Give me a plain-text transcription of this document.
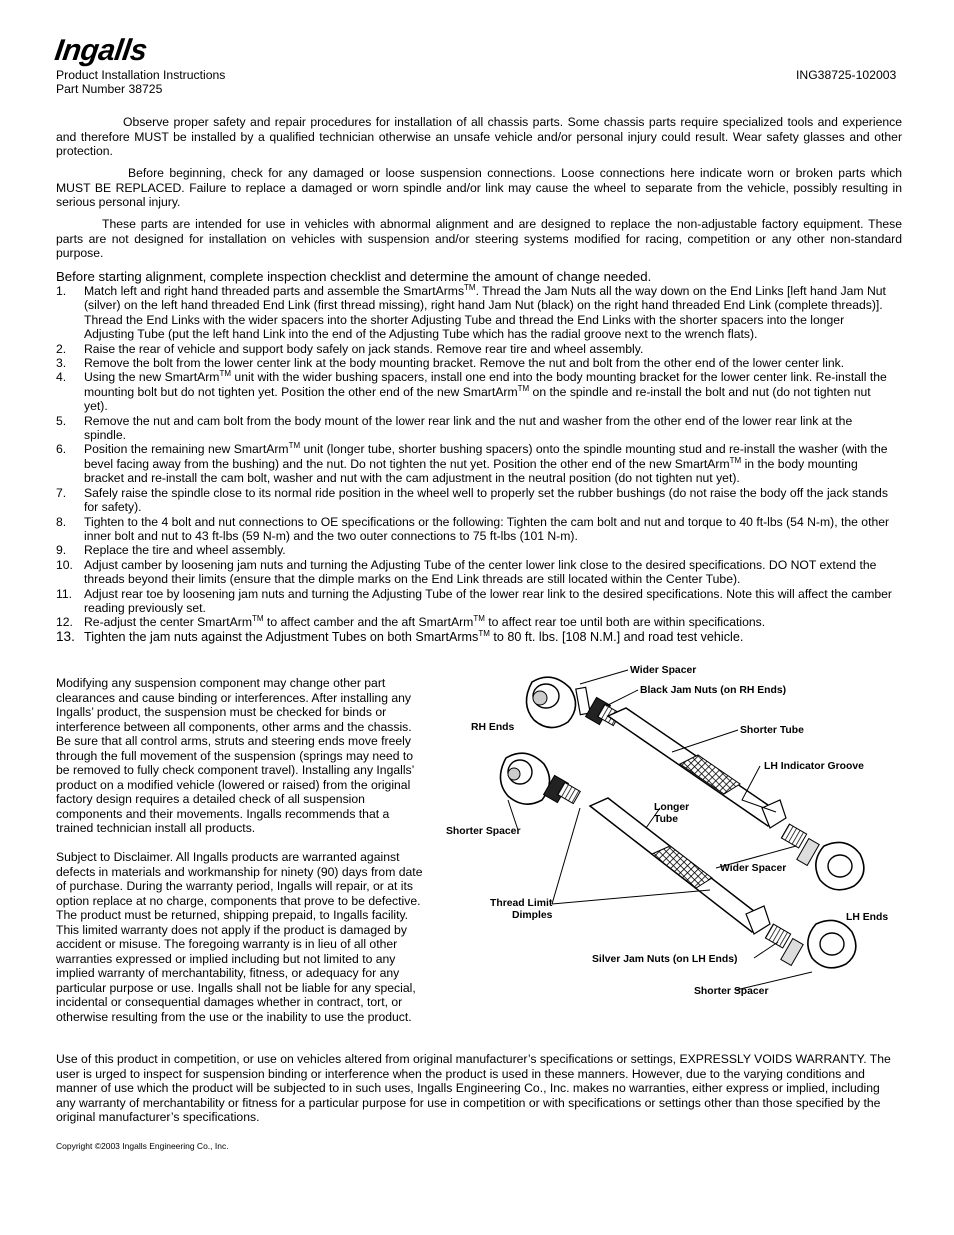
Ingalls
Product Installation Instructions
Part Number 38725
ING38725-102003
Observe proper safety and repair procedures for installation of all chassis parts. Some chassis parts require specialized tools and experience and therefore MUST be installed by a qualified technician otherwise an unsafe vehicle and/or personal injury could result. Wear safety glasses and other protection.
Before beginning, check for any damaged or loose suspension connections. Loose connections here indicate worn or broken parts which MUST BE REPLACED. Failure to replace a damaged or worn spindle and/or link may cause the wheel to separate from the vehicle, possibly resulting in serious personal injury.
These parts are intended for use in vehicles with abnormal alignment and are designed to replace the non-adjustable factory equipment. These parts are not designed for installation on vehicles with suspension and/or steering systems modified for racing, competition or any other non-standard purpose.
Before starting alignment, complete inspection checklist and determine the amount of change needed.
1. Match left and right hand threaded parts and assemble the SmartArms™. Thread the Jam Nuts all the way down on the End Links [left hand Jam Nut (silver) on the left hand threaded End Link (first thread missing), right hand Jam Nut (black) on the right hand threaded End Link (complete threads)]. Thread the End Links with the wider spacers into the shorter Adjusting Tube and thread the End Links with the shorter spacers into the longer Adjusting Tube (put the left hand Link into the end of the Adjusting Tube which has the radial groove next to the wrench flats).
2. Raise the rear of vehicle and support body safely on jack stands. Remove rear tire and wheel assembly.
3. Remove the bolt from the lower center link at the body mounting bracket. Remove the nut and bolt from the other end of the lower center link.
4. Using the new SmartArm™ unit with the wider bushing spacers, install one end into the body mounting bracket for the lower center link. Re-install the mounting bolt but do not tighten yet. Position the other end of the new SmartArm™ on the spindle and re-install the bolt and nut (do not tighten nut yet).
5. Remove the nut and cam bolt from the body mount of the lower rear link and the nut and washer from the other end of the lower rear link at the spindle.
6. Position the remaining new SmartArm™ unit (longer tube, shorter bushing spacers) onto the spindle mounting stud and re-install the washer (with the bevel facing away from the bushing) and the nut. Do not tighten the nut yet. Position the other end of the new SmartArm™ in the body mounting bracket and re-install the cam bolt, washer and nut with the cam adjustment in the neutral position (do not tighten nut yet).
7. Safely raise the spindle close to its normal ride position in the wheel well to properly set the rubber bushings (do not raise the body off the jack stands for safety).
8. Tighten to the 4 bolt and nut connections to OE specifications or the following: Tighten the cam bolt and nut and torque to 40 ft-lbs (54 N-m), the other inner bolt and nut to 43 ft-lbs (59 N-m) and the two outer connections to 75 ft-lbs (101 N-m).
9. Replace the tire and wheel assembly.
10. Adjust camber by loosening jam nuts and turning the Adjusting Tube of the center lower link close to the desired specifications. DO NOT extend the threads beyond their limits (ensure that the dimple marks on the End Link threads are still located within the Center Tube).
11. Adjust rear toe by loosening jam nuts and turning the Adjusting Tube of the lower rear link to the desired specifications. Note this will affect the camber reading previously set.
12. Re-adjust the center SmartArm™ to affect camber and the aft SmartArm™ to affect rear toe until both are within specifications.
13. Tighten the jam nuts against the Adjustment Tubes on both SmartArms™ to 80 ft. lbs. [108 N.M.] and road test vehicle.
Modifying any suspension component may change other part clearances and cause binding or interferences. After installing any Ingalls’ product, the suspension must be checked for binds or interference between all components, other arms and the chassis. Be sure that all control arms, struts and steering ends move freely through the full movement of the suspension (springs may need to be removed to fully check component travel). Installing any Ingalls’ product on a modified vehicle (lowered or raised) from the original factory design requires a detailed check of all suspension components and their movements. Ingalls recommends that a trained technician install all products.
Subject to Disclaimer. All Ingalls products are warranted against defects in materials and workmanship for ninety (90) days from date of purchase. During the warranty period, Ingalls will repair, or at its option replace at no charge, components that prove to be defective. The product must be returned, shipping prepaid, to Ingalls facility. This limited warranty does not apply if the product is damaged by accident or misuse. The foregoing warranty is in lieu of all other warranties expressed or implied including but not limited to any implied warranty of merchantability, fitness, or adequacy for any particular purpose or use. Ingalls shall not be liable for any special, incidental or consequential damages whether in contract, tort, or otherwise resulting from the use or the inability to use the product.
Wider Spacer
Black Jam Nuts (on RH Ends)
RH Ends	Shorter Tube
LH Indicator Groove
Longer
Tube
Shorter Spacer
Wider Spacer
Thread Limit
Dimples	LH Ends
Silver Jam Nuts (on LH Ends)
Shorter Spacer
Use of this product in competition, or use on vehicles altered from original manufacturer’s specifications or settings, EXPRESSLY VOIDS WARRANTY. The user is urged to inspect for suspension binding or interference when the product is used in these manners. However, due to the varying conditions and manner of use which the product will be subjected to in such uses, Ingalls Engineering Co., Inc. makes no warranties, either express or implied, including any warranty of merchantability or fitness for a particular purpose for use in competition or with specifications or settings other than those specified by the original manufacturer’s specifications.
Copyright ©2003 Ingalls Engineering Co., Inc.
